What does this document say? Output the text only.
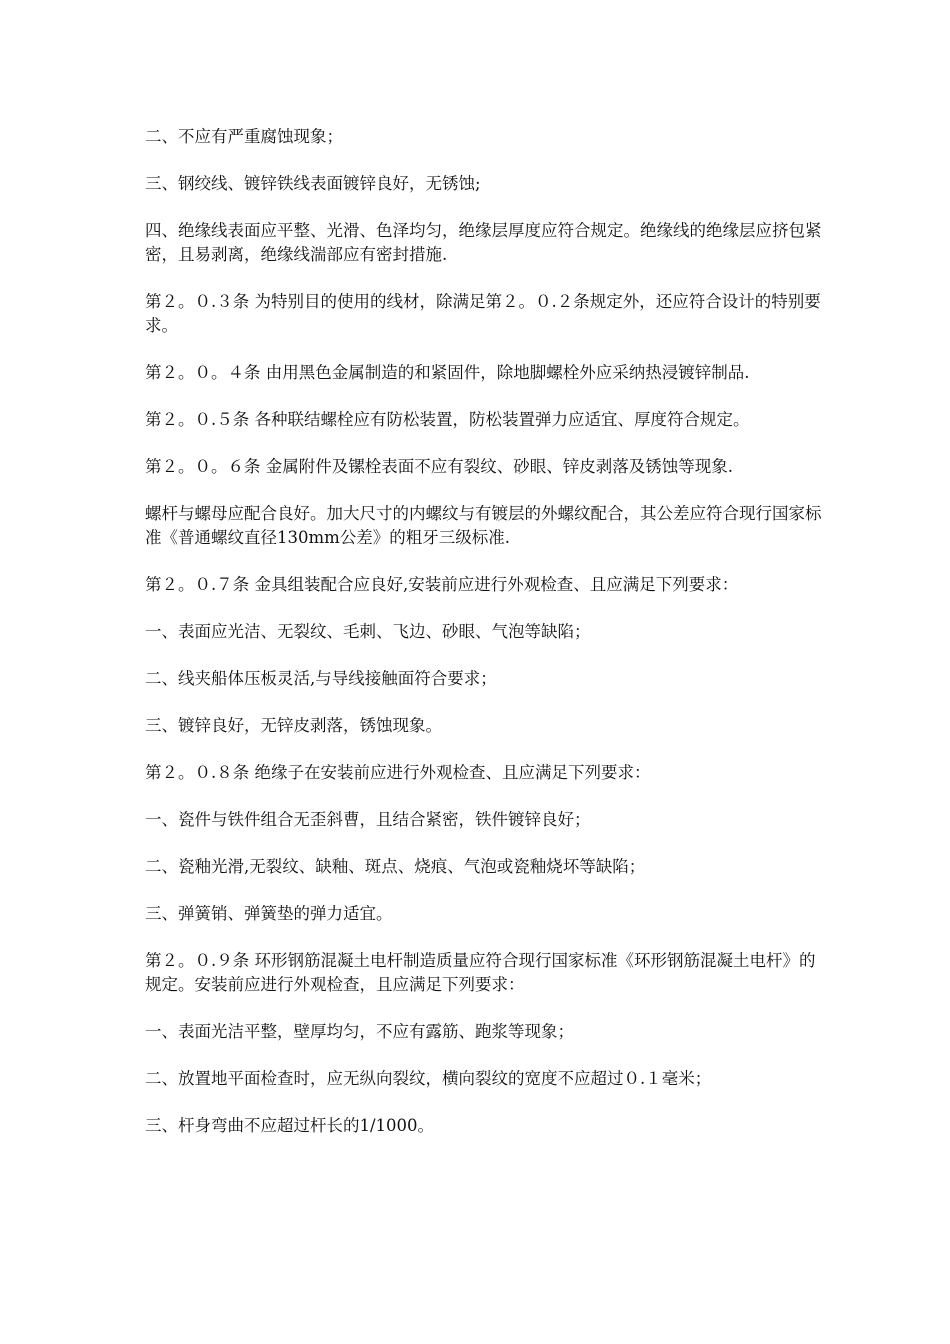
二、不应有严重腐蚀现象；

三、钢绞线、镀锌铁线表面镀锌良好，无锈蚀;

四、绝缘线表面应平整、光滑、色泽均匀，绝缘层厚度应符合规定。绝缘线的绝缘层应挤包紧密，且易剥离，绝缘线湍部应有密封措施.

第２。０.３条 为特别目的使用的线材，除满足第２。０.２条规定外，还应符合设计的特别要求。

第２。０。４条 由用黑色金属制造的和紧固件，除地脚螺栓外应采纳热浸镀锌制品.

第２。０.５条 各种联结螺栓应有防松装置，防松装置弹力应适宜、厚度符合规定。

第２。０。６条 金属附件及镙栓表面不应有裂纹、砂眼、锌皮剥落及锈蚀等现象.

螺杆与螺母应配合良好。加大尺寸的内螺纹与有镀层的外螺纹配合，其公差应符合现行国家标准《普通螺纹直径130mm公差》的粗牙三级标准.

第２。０.７条 金具组装配合应良好,安装前应进行外观检查、且应满足下列要求：

一、表面应光洁、无裂纹、毛刺、飞边、砂眼、气泡等缺陷；

二、线夹船体压板灵活,与导线接触面符合要求；

三、镀锌良好，无锌皮剥落，锈蚀现象。

第２。０.８条 绝缘子在安装前应进行外观检查、且应满足下列要求：

一、瓷件与铁件组合无歪斜曹，且结合紧密，铁件镀锌良好；

二、瓷釉光滑,无裂纹、缺釉、斑点、烧痕、气泡或瓷釉烧坏等缺陷；

三、弹簧销、弹簧垫的弹力适宜。

第２。０.９条 环形钢筋混凝土电杆制造质量应符合现行国家标准《环形钢筋混凝土电杆》的规定。安装前应进行外观检查，且应满足下列要求：

一、表面光洁平整，壁厚均匀，不应有露筋、跑浆等现象；

二、放置地平面检查时，应无纵向裂纹，横向裂纹的宽度不应超过０.１毫米；

三、杆身弯曲不应超过杆长的1/1000。
